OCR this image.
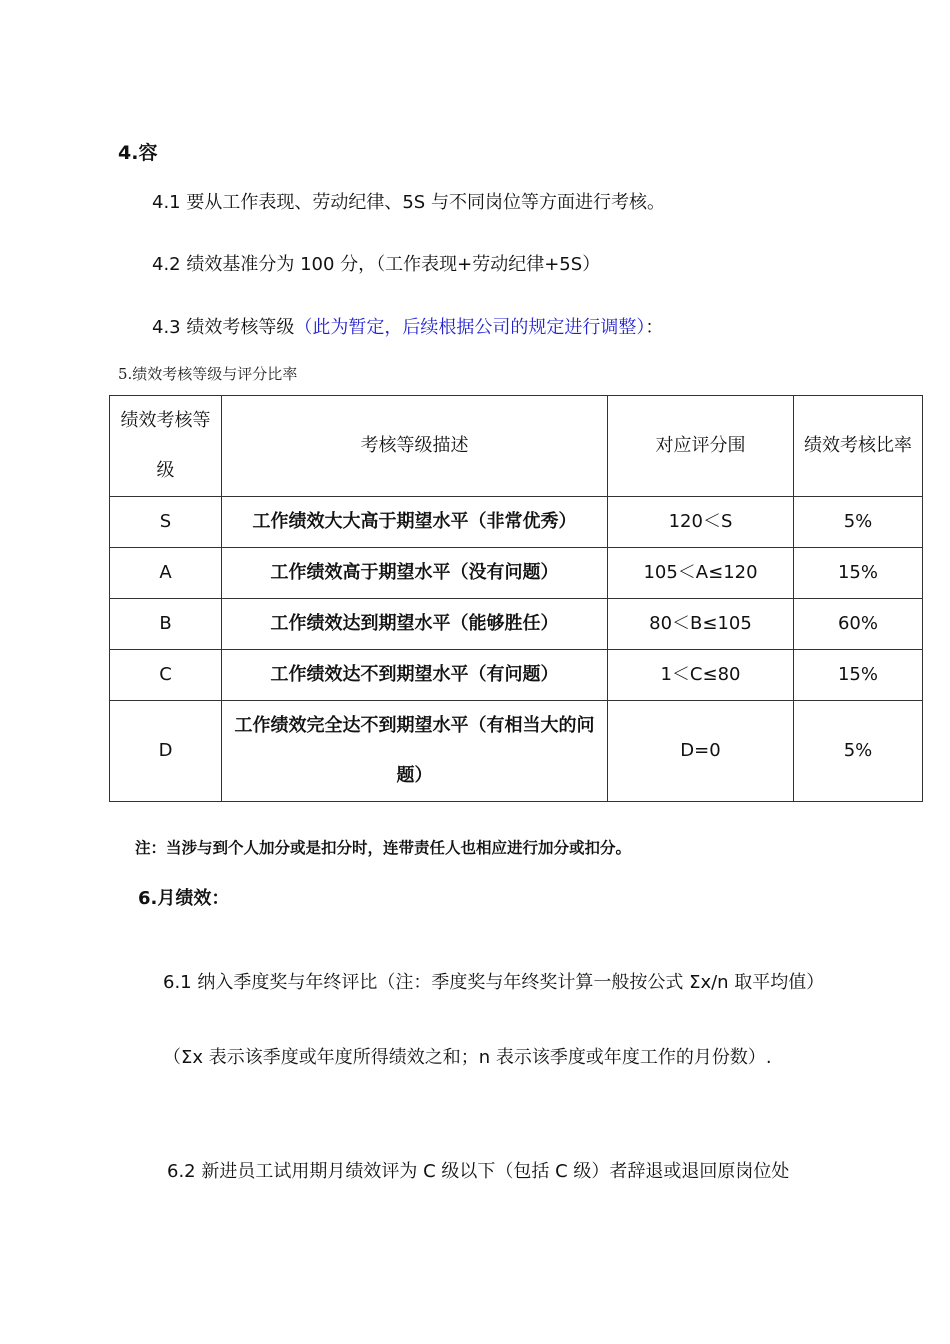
4.容
4.1 要从工作表现、劳动纪律、5S 与不同岗位等方面进行考核。
4.2 绩效基准分为 100 分，（工作表现+劳动纪律+5S）
4.3 绩效考核等级（此为暂定，后续根据公司的规定进行调整）：
5.绩效考核等级与评分比率
绩效考核等级	考核等级描述	对应评分围	绩效考核比率
S	工作绩效大大高于期望水平（非常优秀）	120＜S	5%
A	工作绩效高于期望水平（没有问题）	105＜A≤120	15%
B	工作绩效达到期望水平（能够胜任）	80＜B≤105	60%
C	工作绩效达不到期望水平（有问题）	1＜C≤80	15%
D	工作绩效完全达不到期望水平（有相当大的问题）	D=0	5%
注：当涉与到个人加分或是扣分时，连带责任人也相应进行加分或扣分。
6.月绩效：
6.1 纳入季度奖与年终评比（注：季度奖与年终奖计算一般按公式 Σx/n 取平均值）（Σx 表示该季度或年度所得绩效之和；n 表示该季度或年度工作的月份数）.
6.2 新进员工试用期月绩效评为 C 级以下（包括 C 级）者辞退或退回原岗位处
